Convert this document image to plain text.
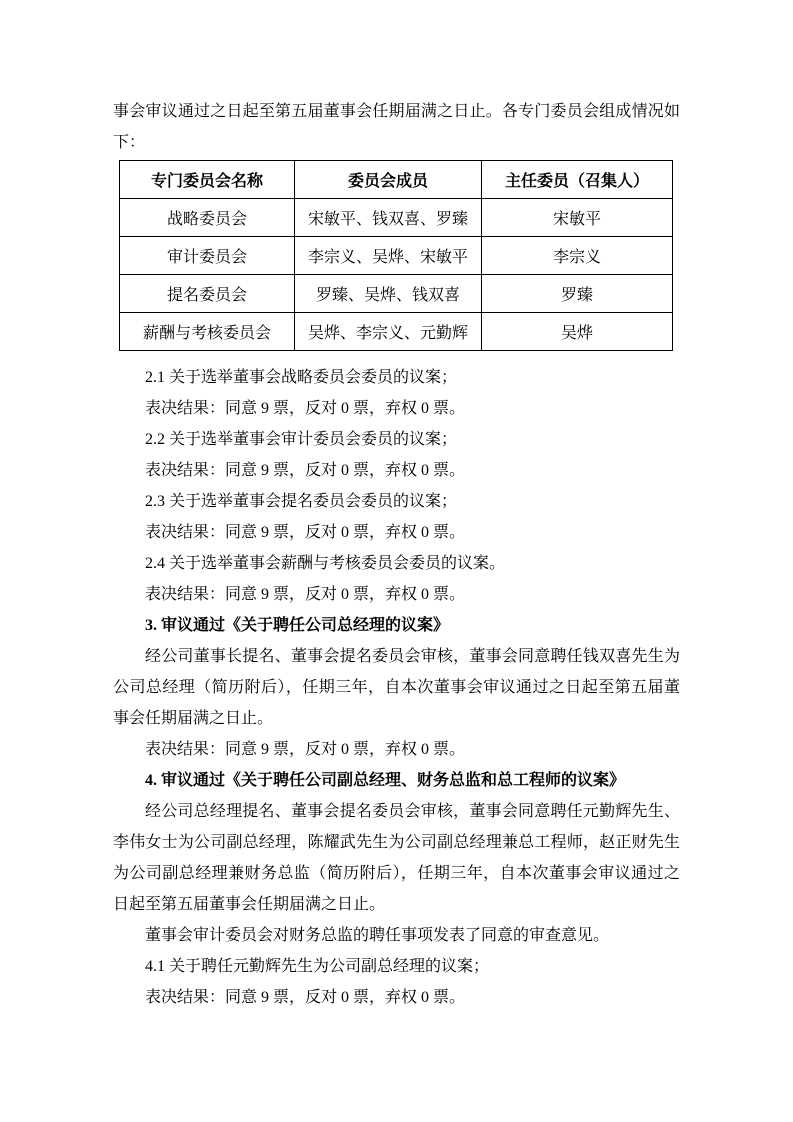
事会审议通过之日起至第五届董事会任期届满之日止。各专门委员会组成情况如下：

专门委员会名称	委员会成员	主任委员（召集人）
战略委员会	宋敏平、钱双喜、罗臻	宋敏平
审计委员会	李宗义、吴烨、宋敏平	李宗义
提名委员会	罗臻、吴烨、钱双喜	罗臻
薪酬与考核委员会	吴烨、李宗义、元勤辉	吴烨

2.1 关于选举董事会战略委员会委员的议案；

表决结果：同意 9 票，反对 0 票，弃权 0 票。

2.2 关于选举董事会审计委员会委员的议案；

表决结果：同意 9 票，反对 0 票，弃权 0 票。

2.3 关于选举董事会提名委员会委员的议案；

表决结果：同意 9 票，反对 0 票，弃权 0 票。

2.4 关于选举董事会薪酬与考核委员会委员的议案。

表决结果：同意 9 票，反对 0 票，弃权 0 票。

3. 审议通过《关于聘任公司总经理的议案》

经公司董事长提名、董事会提名委员会审核，董事会同意聘任钱双喜先生为公司总经理（简历附后），任期三年，自本次董事会审议通过之日起至第五届董事会任期届满之日止。

表决结果：同意 9 票，反对 0 票，弃权 0 票。

4. 审议通过《关于聘任公司副总经理、财务总监和总工程师的议案》

经公司总经理提名、董事会提名委员会审核，董事会同意聘任元勤辉先生、李伟女士为公司副总经理，陈耀武先生为公司副总经理兼总工程师，赵正财先生为公司副总经理兼财务总监（简历附后），任期三年，自本次董事会审议通过之日起至第五届董事会任期届满之日止。

董事会审计委员会对财务总监的聘任事项发表了同意的审查意见。

4.1 关于聘任元勤辉先生为公司副总经理的议案；

表决结果：同意 9 票，反对 0 票，弃权 0 票。
